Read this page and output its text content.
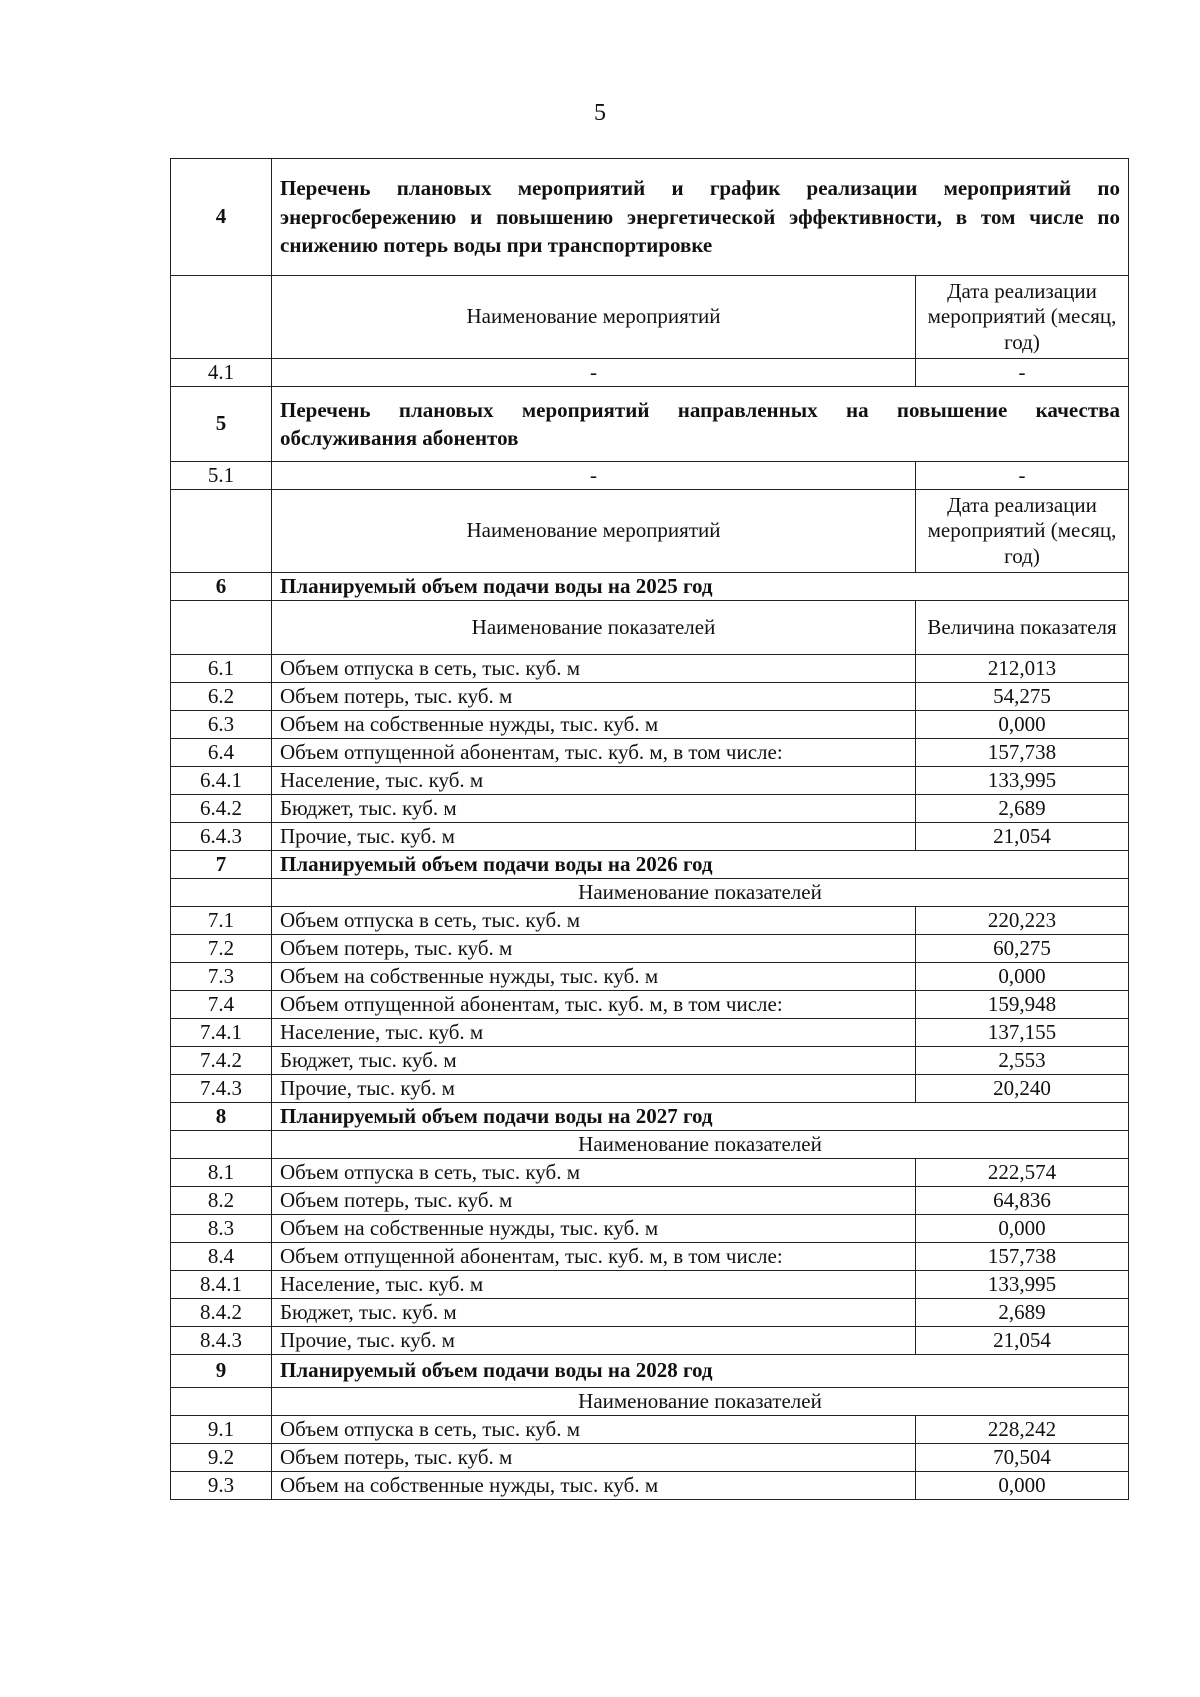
5
4	Перечень плановых мероприятий и график реализации мероприятий по энергосбережению и повышению энергетической эффективности, в том числе по снижению потерь воды при транспортировке	
	Наименование мероприятий	Дата реализации мероприятий (месяц, год)
4.1	-	-
5	Перечень плановых мероприятий направленных на повышение качества обслуживания абонентов	
5.1	-	-
	Наименование мероприятий	Дата реализации мероприятий (месяц, год)
6	Планируемый объем подачи воды на 2025 год	
	Наименование показателей	Величина показателя
6.1	Объем отпуска в сеть, тыс. куб. м	212,013
6.2	Объем потерь, тыс. куб. м	54,275
6.3	Объем на собственные нужды, тыс. куб. м	0,000
6.4	Объем отпущенной абонентам, тыс. куб. м, в том числе:	157,738
6.4.1	Население, тыс. куб. м	133,995
6.4.2	Бюджет, тыс. куб. м	2,689
6.4.3	Прочие, тыс. куб. м	21,054
7	Планируемый объем подачи воды на 2026 год	
	Наименование показателей	
7.1	Объем отпуска в сеть, тыс. куб. м	220,223
7.2	Объем потерь, тыс. куб. м	60,275
7.3	Объем на собственные нужды, тыс. куб. м	0,000
7.4	Объем отпущенной абонентам, тыс. куб. м, в том числе:	159,948
7.4.1	Население, тыс. куб. м	137,155
7.4.2	Бюджет, тыс. куб. м	2,553
7.4.3	Прочие, тыс. куб. м	20,240
8	Планируемый объем подачи воды на 2027 год	
	Наименование показателей	
8.1	Объем отпуска в сеть, тыс. куб. м	222,574
8.2	Объем потерь, тыс. куб. м	64,836
8.3	Объем на собственные нужды, тыс. куб. м	0,000
8.4	Объем отпущенной абонентам, тыс. куб. м, в том числе:	157,738
8.4.1	Население, тыс. куб. м	133,995
8.4.2	Бюджет, тыс. куб. м	2,689
8.4.3	Прочие, тыс. куб. м	21,054
9	Планируемый объем подачи воды на 2028 год	
	Наименование показателей	
9.1	Объем отпуска в сеть, тыс. куб. м	228,242
9.2	Объем потерь, тыс. куб. м	70,504
9.3	Объем на собственные нужды, тыс. куб. м	0,000
